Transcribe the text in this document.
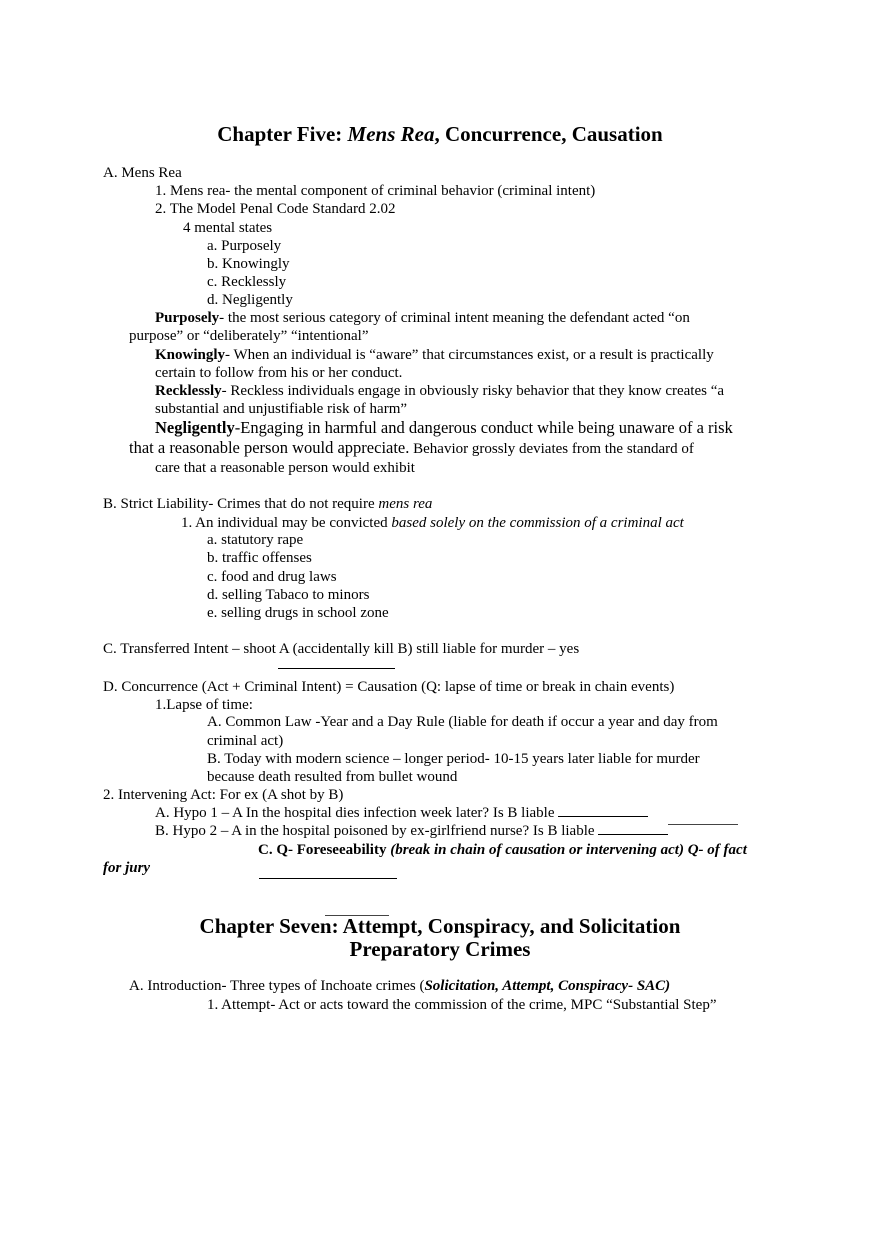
Chapter Five: Mens Rea, Concurrence, Causation
A. Mens Rea
1. Mens rea- the mental component of criminal behavior (criminal intent)
2. The Model Penal Code Standard 2.02
4 mental states
a. Purposely
b. Knowingly
c. Recklessly
d. Negligently
Purposely- the most serious category of criminal intent meaning the defendant acted “on
purpose” or “deliberately” “intentional”
Knowingly- When an individual is “aware” that circumstances exist, or a result is practically
certain to follow from his or her conduct.
Recklessly- Reckless individuals engage in obviously risky behavior that they know creates “a
substantial and unjustifiable risk of harm”
Negligently-Engaging in harmful and dangerous conduct while being unaware of a risk
that a reasonable person would appreciate. Behavior grossly deviates from the standard of
care that a reasonable person would exhibit
B. Strict Liability- Crimes that do not require mens rea
1. An individual may be convicted based solely on the commission of a criminal act
a. statutory rape
b. traffic offenses
c. food and drug laws
d. selling Tabaco to minors
e. selling drugs in school zone
C. Transferred Intent – shoot A (accidentally kill B) still liable for murder – yes
D. Concurrence (Act + Criminal Intent) = Causation (Q: lapse of time or break in chain events)
1.Lapse of time:
A. Common Law -Year and a Day Rule (liable for death if occur a year and day from
criminal act)
B. Today with modern science – longer period- 10-15 years later liable for murder
because death resulted from bullet wound
2. Intervening Act: For ex (A shot by B)
A. Hypo 1 – A In the hospital dies infection week later? Is B liable
B. Hypo 2 – A in the hospital poisoned by ex-girlfriend nurse? Is B liable
C. Q- Foreseeability (break in chain of causation or intervening act) Q- of fact
for jury
Chapter Seven: Attempt, Conspiracy, and Solicitation
Preparatory Crimes
A. Introduction- Three types of Inchoate crimes (Solicitation, Attempt, Conspiracy- SAC)
1. Attempt- Act or acts toward the commission of the crime, MPC “Substantial Step”
